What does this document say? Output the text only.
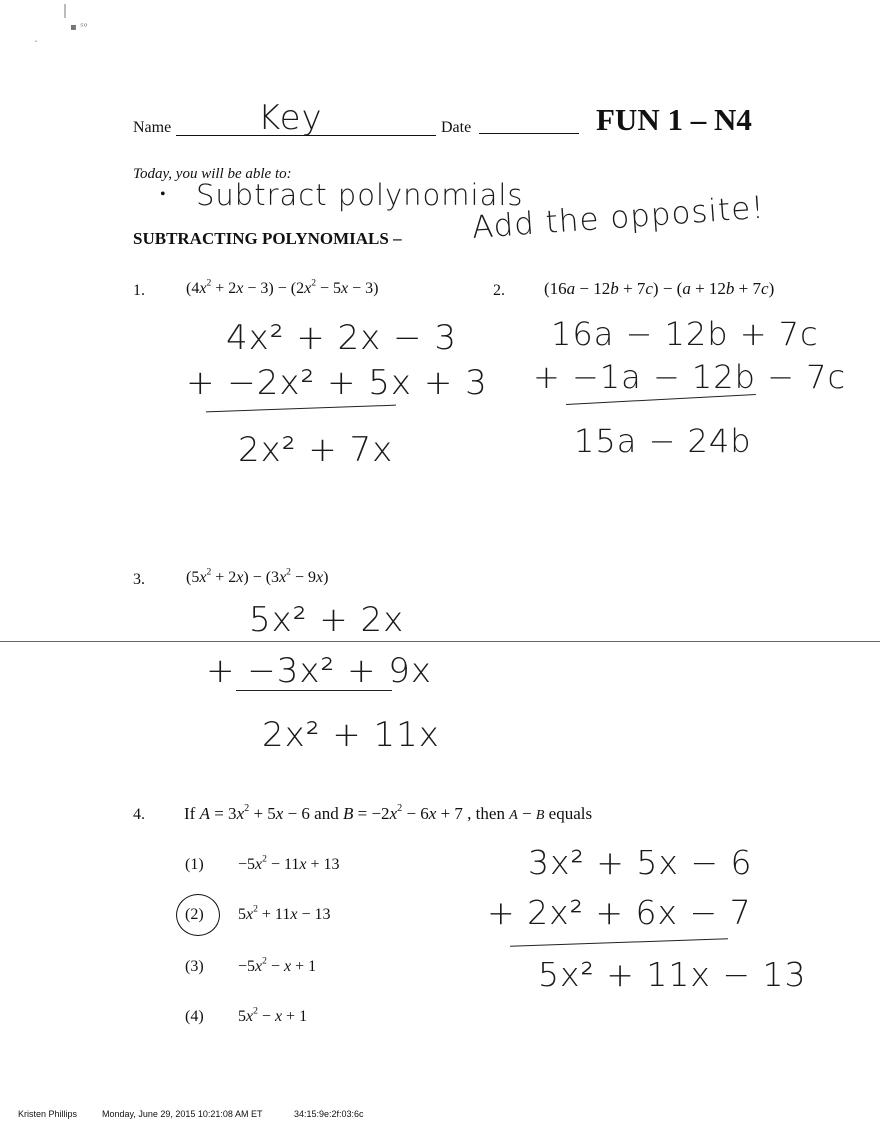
▪ ˢᵒ
ˇ
Name	Key	Date	FUN 1 – N4
Today, you will be able to:
• Subtract polynomials
SUBTRACTING POLYNOMIALS – Add the opposite!
1.	$(4x^2 + 2x - 3) - (2x^2 - 5x - 3)$
4x² + 2x − 3
+ −2x² + 5x + 3
2x² + 7x
2. (16a − 12b + 7c) − (a + 12b + 7c)
16a − 12b + 7c
+ −1a − 12b − 7c
15a − 24b
3.	$(5x^2 + 2x) - (3x^2 - 9x)$
5x² + 2x
+ −3x² + 9x
2x² + 11x
4. If $A = 3x^2 + 5x - 6$ and $B = -2x^2 - 6x + 7$ , then A − B equals
$(1) -5x^2 - 11x + 13$
(2) $5x^2 + 11x - 13$
$(3) -5x^2 - x + 1$
(4) $5x^2 - x + 1$
3x² + 5x − 6
+ 2x² + 6x − 7
5x² + 11x − 13
Kristen Phillips	Monday, June 29, 2015 10:21:08 AM ET	34:15:9e:2f:03:6c
